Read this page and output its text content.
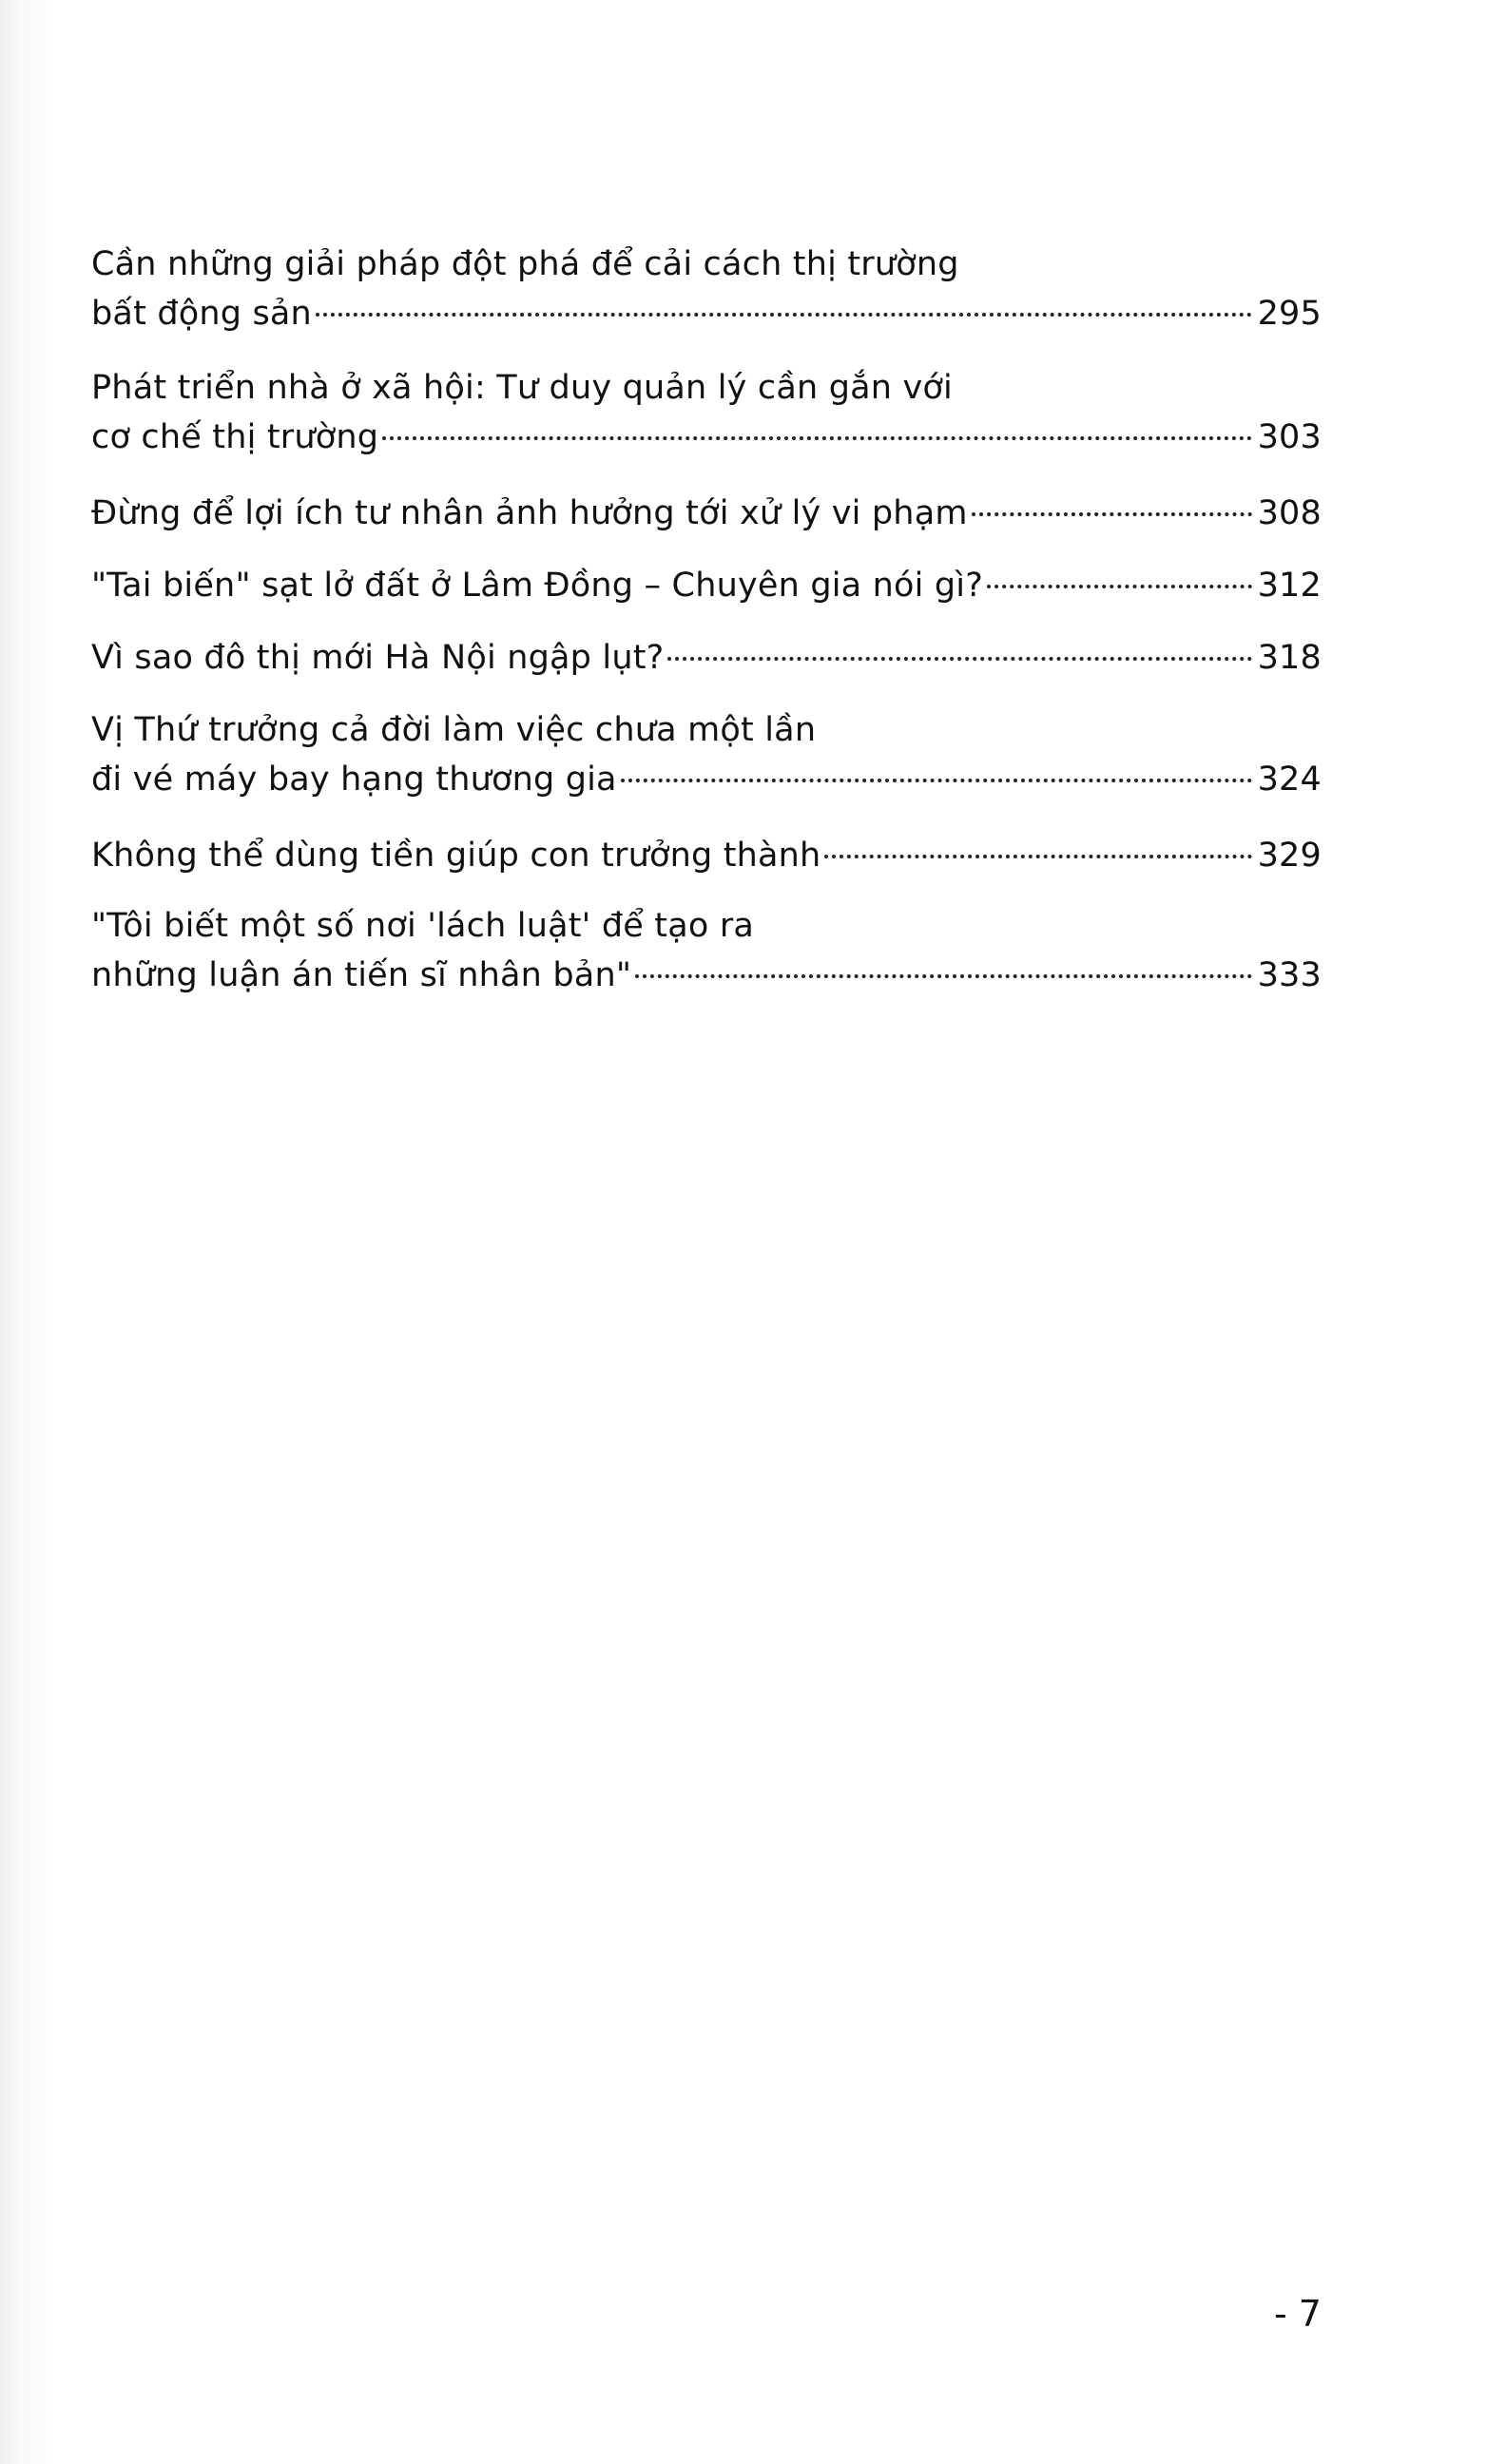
Cần những giải pháp đột phá để cải cách thị trường
bất động sản	295
Phát triển nhà ở xã hội: Tư duy quản lý cần gắn với
cơ chế thị trường	303
Đừng để lợi ích tư nhân ảnh hưởng tới xử lý vi phạm	308
"Tai biến" sạt lở đất ở Lâm Đồng – Chuyên gia nói gì?	312
Vì sao đô thị mới Hà Nội ngập lụt?	318
Vị Thứ trưởng cả đời làm việc chưa một lần
đi vé máy bay hạng thương gia	324
Không thể dùng tiền giúp con trưởng thành	329
"Tôi biết một số nơi 'lách luật' để tạo ra
những luận án tiến sĩ nhân bản"	333
- 7
